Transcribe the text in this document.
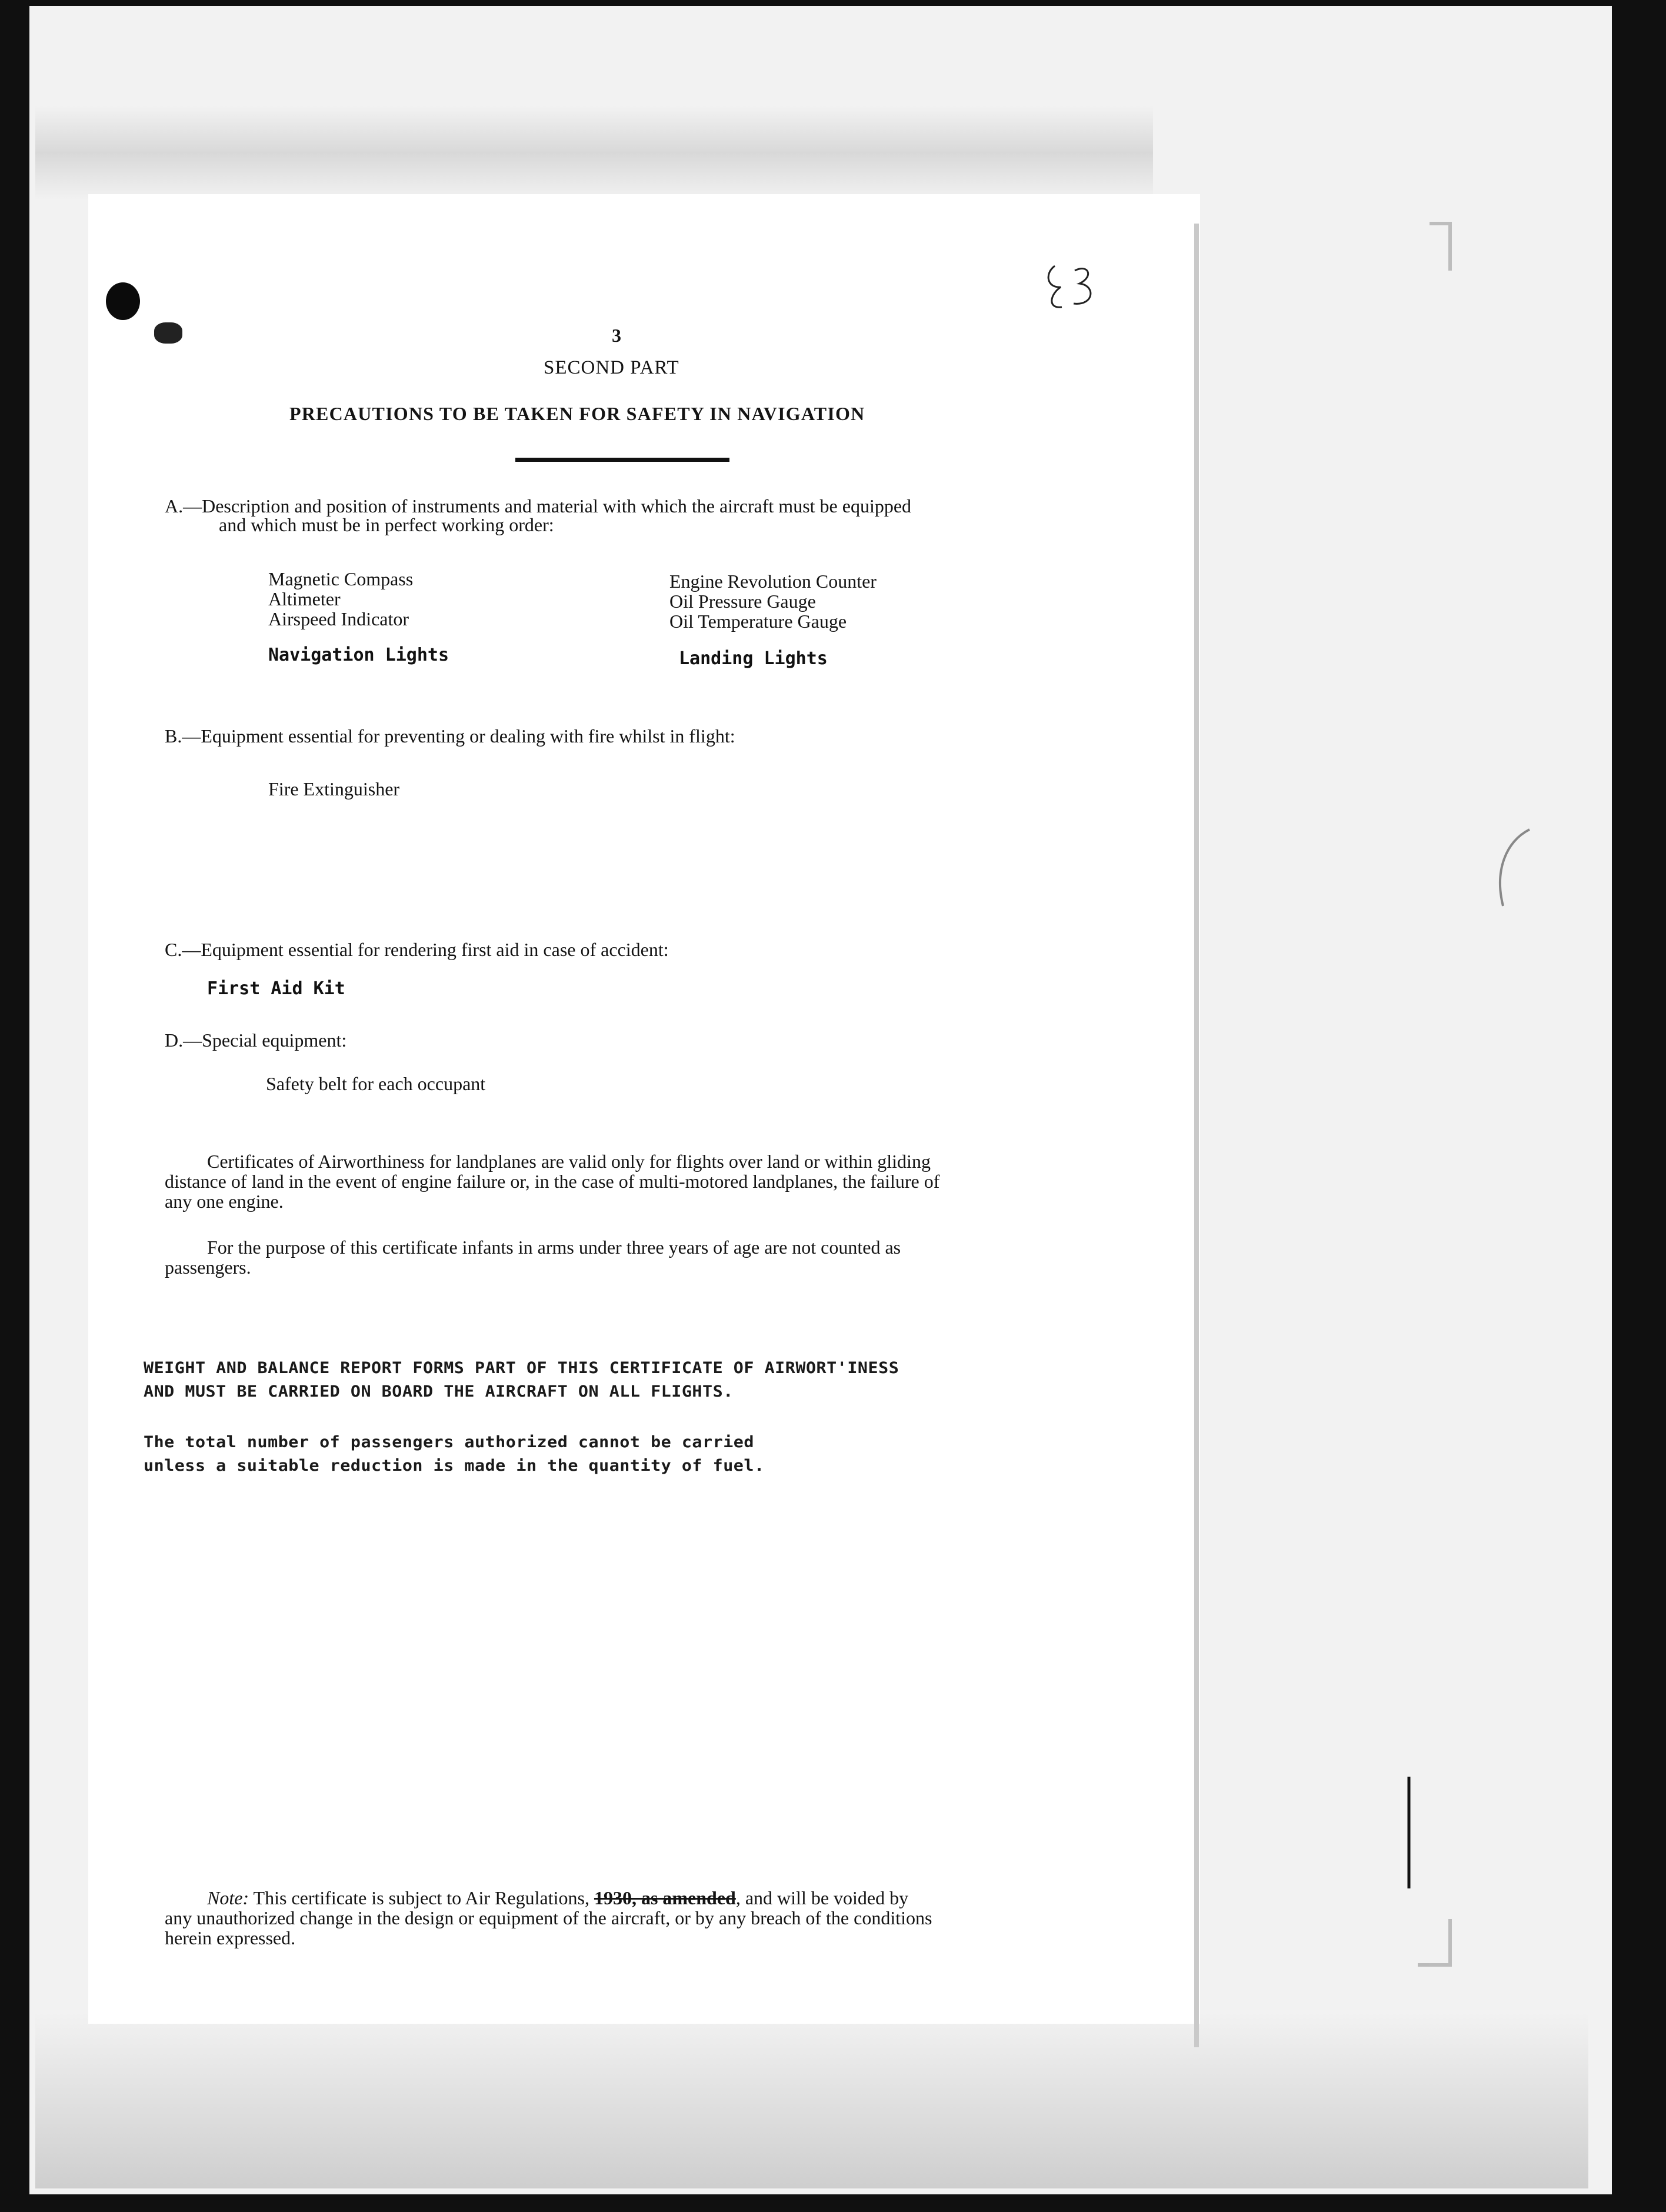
83
3
SECOND PART
PRECAUTIONS TO BE TAKEN FOR SAFETY IN NAVIGATION
A.—Description and position of instruments and material with which the aircraft must be equipped
and which must be in perfect working order:
Magnetic Compass
Altimeter
Airspeed Indicator
Engine Revolution Counter
Oil Pressure Gauge
Oil Temperature Gauge
Navigation Lights	Landing Lights
B.—Equipment essential for preventing or dealing with fire whilst in flight:
Fire Extinguisher
C.—Equipment essential for rendering first aid in case of accident:
First Aid Kit
D.—Special equipment:
Safety belt for each occupant
Certificates of Airworthiness for landplanes are valid only for flights over land or within gliding
distance of land in the event of engine failure or, in the case of multi-motored landplanes, the failure of
any one engine.
For the purpose of this certificate infants in arms under three years of age are not counted as
passengers.
WEIGHT AND BALANCE REPORT FORMS PART OF THIS CERTIFICATE OF AIRWORT'INESS
AND MUST BE CARRIED ON BOARD THE AIRCRAFT ON ALL FLIGHTS.
The total number of passengers authorized cannot be carried
unless a suitable reduction is made in the quantity of fuel.
Note: This certificate is subject to Air Regulations, 1930, as amended, and will be voided by
any unauthorized change in the design or equipment of the aircraft, or by any breach of the conditions
herein expressed.
